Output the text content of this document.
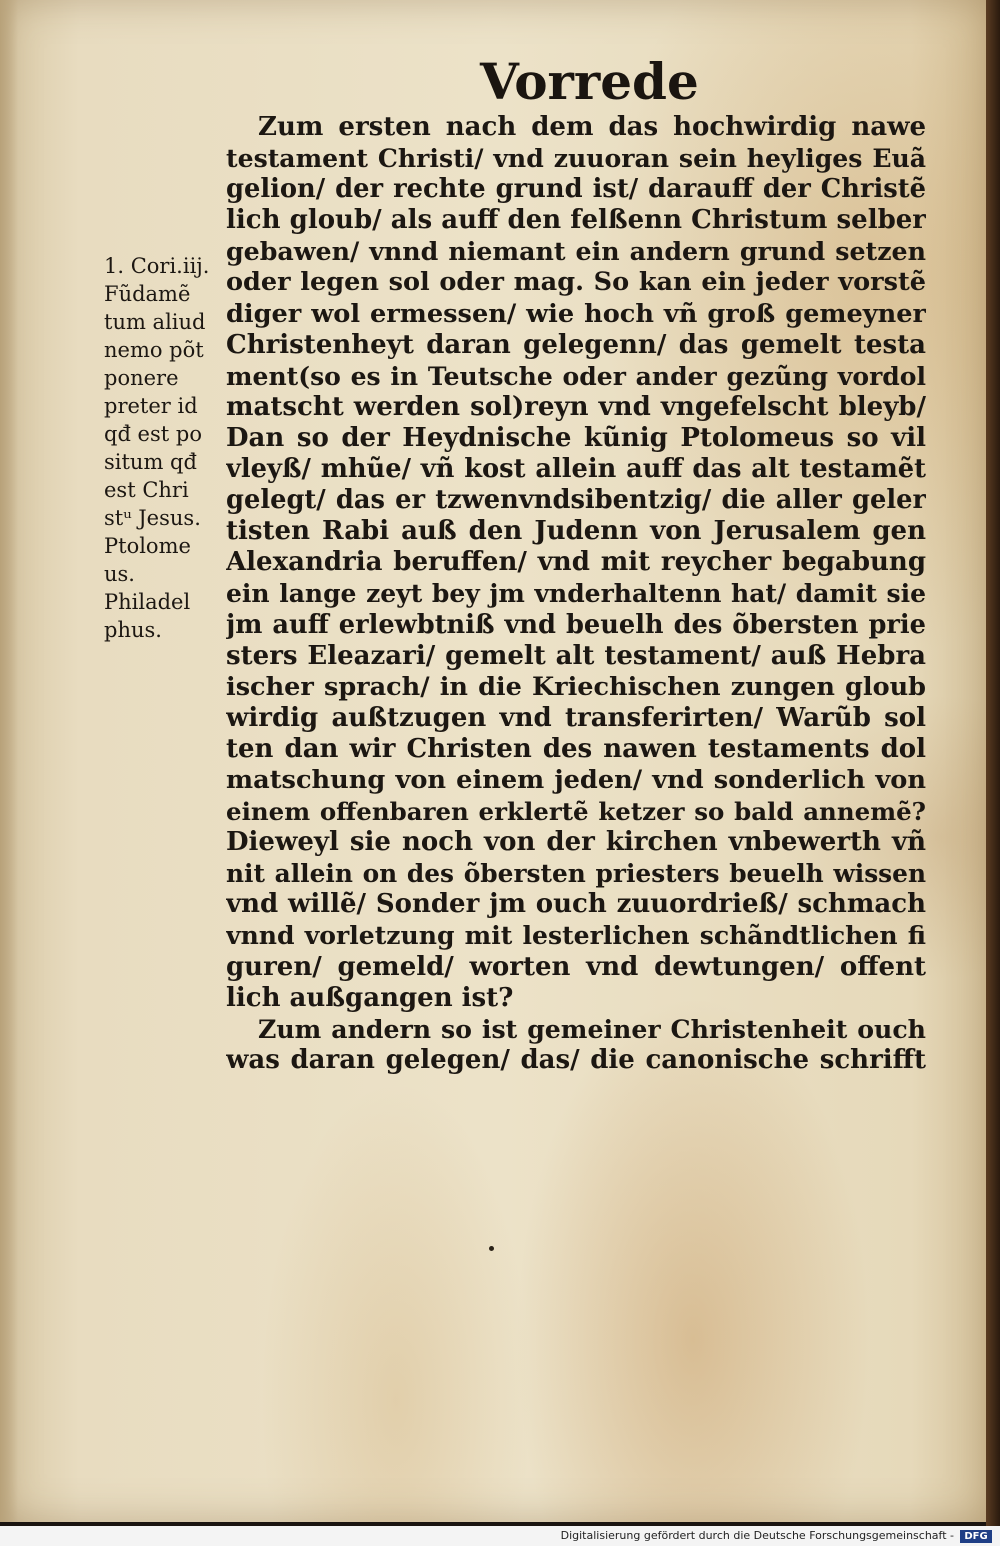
Vorrede
1. Cori.iij.
Fũdamẽ
tum aliud
nemo põt
ponere
preter id
qđ est po
situm qđ
est Chri
stᵘ Jesus.
Ptolome
us.
Philadel
phus.
Zum ersten nach dem das hochwirdig nawe
testament Christi/ vnd zuuoran sein heyliges Euã
gelion/ der rechte grund ist/ darauff der Christẽ
lich gloub/ als auff den felßenn Christum selber
gebawen/ vnnd niemant ein andern grund setzen
oder legen sol oder mag. So kan ein jeder vorstẽ
diger wol ermessen/ wie hoch vñ groß gemeyner
Christenheyt daran gelegenn/ das gemelt testa
ment(so es in Teutsche oder ander gezũng vordol
matscht werden sol)reyn vnd vngefelscht bleyb/
Dan so der Heydnische kũnig Ptolomeus so vil
vleyß/ mhũe/ vñ kost allein auff das alt testamẽt
gelegt/ das er tzwenvndsibentzig/ die aller geler
tisten Rabi auß den Judenn von Jerusalem gen
Alexandria beruffen/ vnd mit reycher begabung
ein lange zeyt bey jm vnderhaltenn hat/ damit sie
jm auff erlewbtniß vnd beuelh des õbersten prie
sters Eleazari/ gemelt alt testament/ auß Hebra
ischer sprach/ in die Kriechischen zungen gloub
wirdig außtzugen vnd transferirten/ Warũb sol
ten dan wir Christen des nawen testaments dol
matschung von einem jeden/ vnd sonderlich von
einem offenbaren erklertẽ ketzer so bald annemẽ?
Dieweyl sie noch von der kirchen vnbewerth vñ
nit allein on des õbersten priesters beuelh wissen
vnd willẽ/ Sonder jm ouch zuuordrieß/ schmach
vnnd vorletzung mit lesterlichen schãndtlichen fi
guren/ gemeld/ worten vnd dewtungen/ offent
lich außgangen ist?
Zum andern so ist gemeiner Christenheit ouch
was daran gelegen/ das/ die canonische schrifft
Digitalisierung gefördert durch die Deutsche Forschungsgemeinschaft -	DFG
